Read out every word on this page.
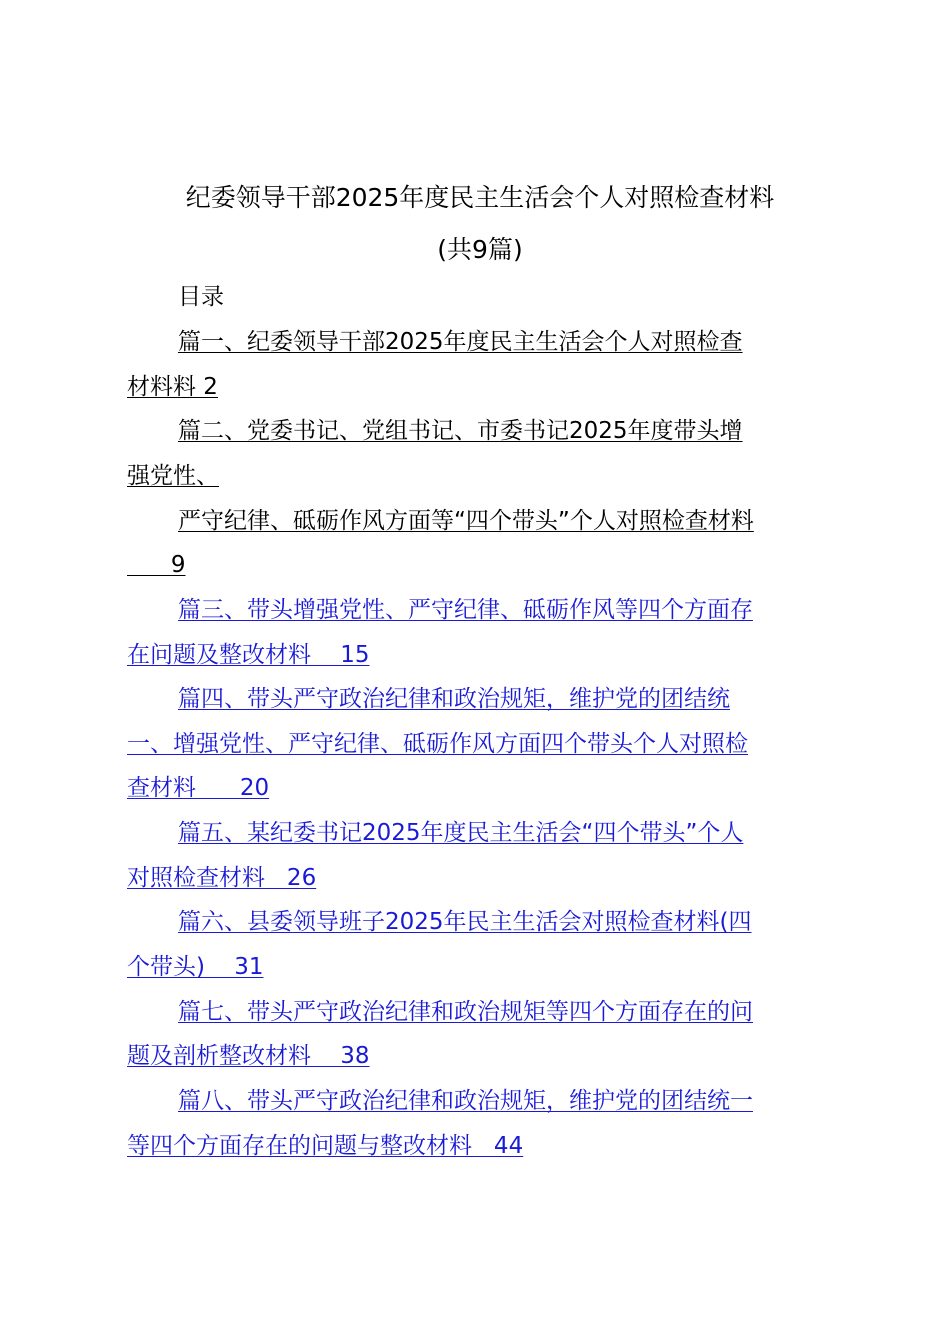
纪委领导干部2025年度民主生活会个人对照检查材料
(共9篇)
目录
篇一、纪委领导干部2025年度民主生活会个人对照检查
材料料 2
篇二、党委书记、党组书记、市委书记2025年度带头增
强党性、
严守纪律、砥砺作风方面等“四个带头”个人对照检查材料
9
篇三、带头增强党性、严守纪律、砥砺作风等四个方面存
在问题及整改材料    15
篇四、带头严守政治纪律和政治规矩，维护党的团结统
一、增强党性、严守纪律、砥砺作风方面四个带头个人对照检
查材料      20
篇五、某纪委书记2025年度民主生活会“四个带头”个人
对照检查材料   26
篇六、县委领导班子2025年民主生活会对照检查材料(四
个带头)    31
篇七、带头严守政治纪律和政治规矩等四个方面存在的问
题及剖析整改材料    38
篇八、带头严守政治纪律和政治规矩，维护党的团结统一
等四个方面存在的问题与整改材料   44
